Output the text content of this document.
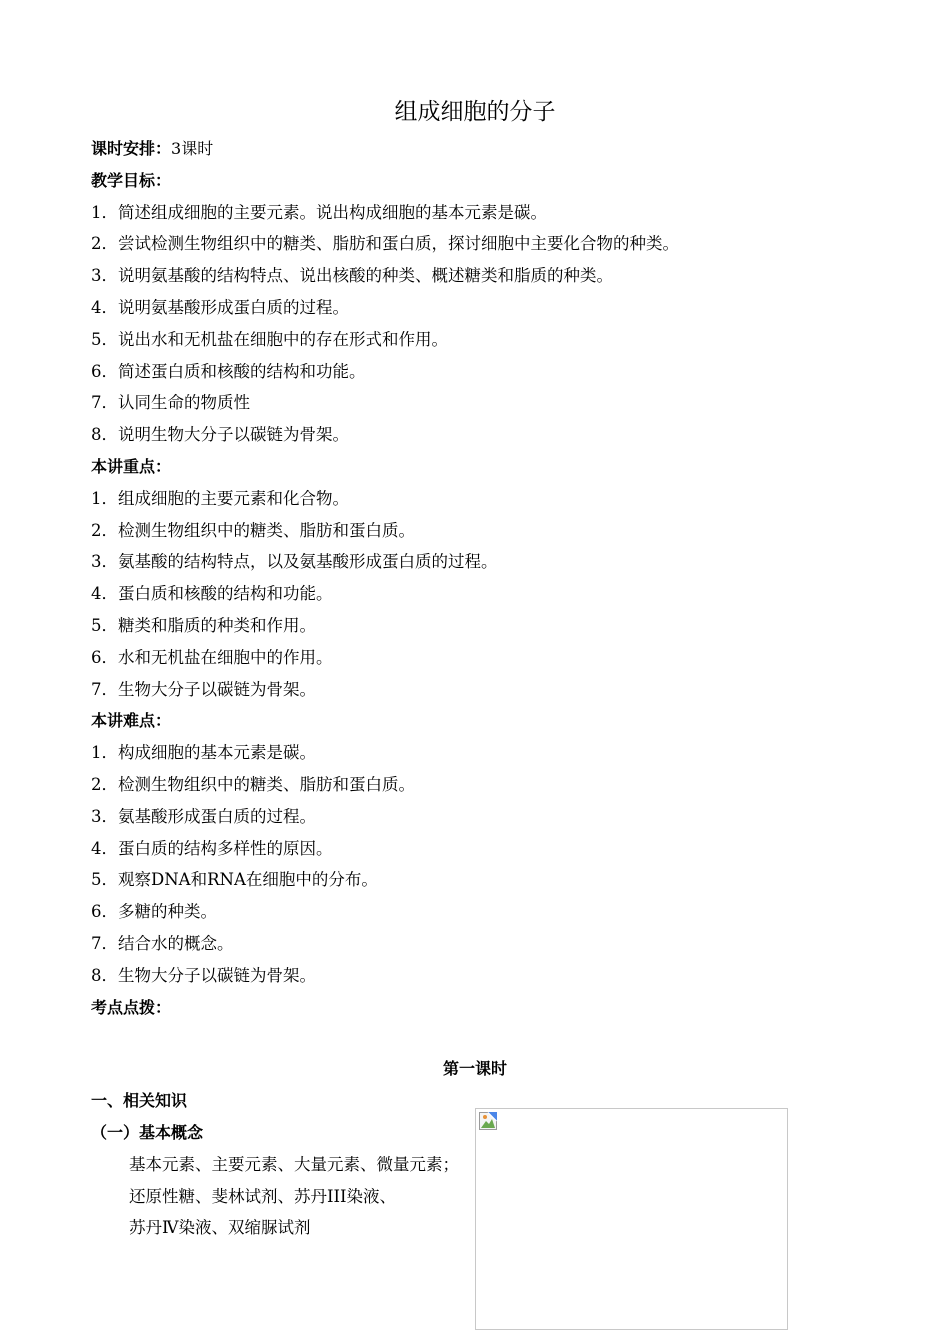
组成细胞的分子
课时安排：3课时
教学目标：
1．简述组成细胞的主要元素。说出构成细胞的基本元素是碳。
2．尝试检测生物组织中的糖类、脂肪和蛋白质，探讨细胞中主要化合物的种类。
3．说明氨基酸的结构特点、说出核酸的种类、概述糖类和脂质的种类。
4．说明氨基酸形成蛋白质的过程。
5．说出水和无机盐在细胞中的存在形式和作用。
6．简述蛋白质和核酸的结构和功能。
7．认同生命的物质性
8．说明生物大分子以碳链为骨架。
本讲重点：
1．组成细胞的主要元素和化合物。
2．检测生物组织中的糖类、脂肪和蛋白质。
3．氨基酸的结构特点，以及氨基酸形成蛋白质的过程。
4．蛋白质和核酸的结构和功能。
5．糖类和脂质的种类和作用。
6．水和无机盐在细胞中的作用。
7．生物大分子以碳链为骨架。
本讲难点：
1．构成细胞的基本元素是碳。
2．检测生物组织中的糖类、脂肪和蛋白质。
3．氨基酸形成蛋白质的过程。
4．蛋白质的结构多样性的原因。
5．观察DNA和RNA在细胞中的分布。
6．多糖的种类。
7．结合水的概念。
8．生物大分子以碳链为骨架。
考点点拨：
第一课时
一、相关知识
（一）基本概念
基本元素、主要元素、大量元素、微量元素；
还原性糖、斐林试剂、苏丹III染液、
苏丹Ⅳ染液、双缩脲试剂
